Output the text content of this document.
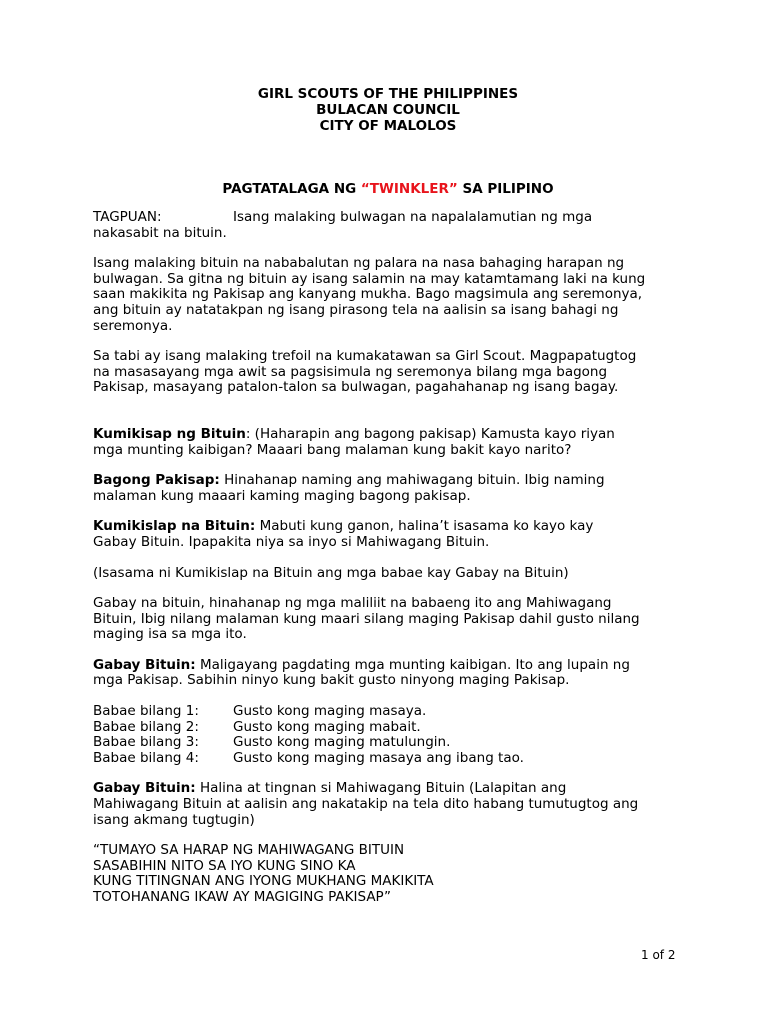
GIRL SCOUTS OF THE PHILIPPINES
BULACAN COUNCIL
CITY OF MALOLOS
PAGTATALAGA NG “TWINKLER” SA PILIPINO

TAGPUAN:	Isang malaking bulwagan na napalalamutian ng mga

nakasabit na bituin.

Isang malaking bituin na nababalutan ng palara na nasa bahaging harapan ng

bulwagan. Sa gitna ng bituin ay isang salamin na may katamtamang laki na kung

saan makikita ng Pakisap ang kanyang mukha. Bago magsimula ang seremonya,

ang bituin ay natatakpan ng isang pirasong tela na aalisin sa isang bahagi ng

seremonya.

Sa tabi ay isang malaking trefoil na kumakatawan sa Girl Scout. Magpapatugtog

na masasayang mga awit sa pagsisimula ng seremonya bilang mga bagong

Pakisap, masayang patalon-talon sa bulwagan, pagahahanap ng isang bagay.

Kumikisap ng Bituin: (Haharapin ang bagong pakisap) Kamusta kayo riyan

mga munting kaibigan? Maaari bang malaman kung bakit kayo narito?

Bagong Pakisap: Hinahanap naming ang mahiwagang bituin. Ibig naming

malaman kung maaari kaming maging bagong pakisap.

Kumikislap na Bituin: Mabuti kung ganon, halina’t isasama ko kayo kay

Gabay Bituin. Ipapakita niya sa inyo si Mahiwagang Bituin.

(Isasama ni Kumikislap na Bituin ang mga babae kay Gabay na Bituin)

Gabay na bituin, hinahanap ng mga maliliit na babaeng ito ang Mahiwagang

Bituin, Ibig nilang malaman kung maari silang maging Pakisap dahil gusto nilang

maging isa sa mga ito.

Gabay Bituin: Maligayang pagdating mga munting kaibigan. Ito ang lupain ng

mga Pakisap. Sabihin ninyo kung bakit gusto ninyong maging Pakisap.

Babae bilang 1:	Gusto kong maging masaya.
Babae bilang 2:	Gusto kong maging mabait.
Babae bilang 3:	Gusto kong maging matulungin.
Babae bilang 4:	Gusto kong maging masaya ang ibang tao.

Gabay Bituin: Halina at tingnan si Mahiwagang Bituin (Lalapitan ang

Mahiwagang Bituin at aalisin ang nakatakip na tela dito habang tumutugtog ang

isang akmang tugtugin)

“TUMAYO SA HARAP NG MAHIWAGANG BITUIN

SASABIHIN NITO SA IYO KUNG SINO KA

KUNG TITINGNAN ANG IYONG MUKHANG MAKIKITA

TOTOHANANG IKAW AY MAGIGING PAKISAP”

1 of 2
